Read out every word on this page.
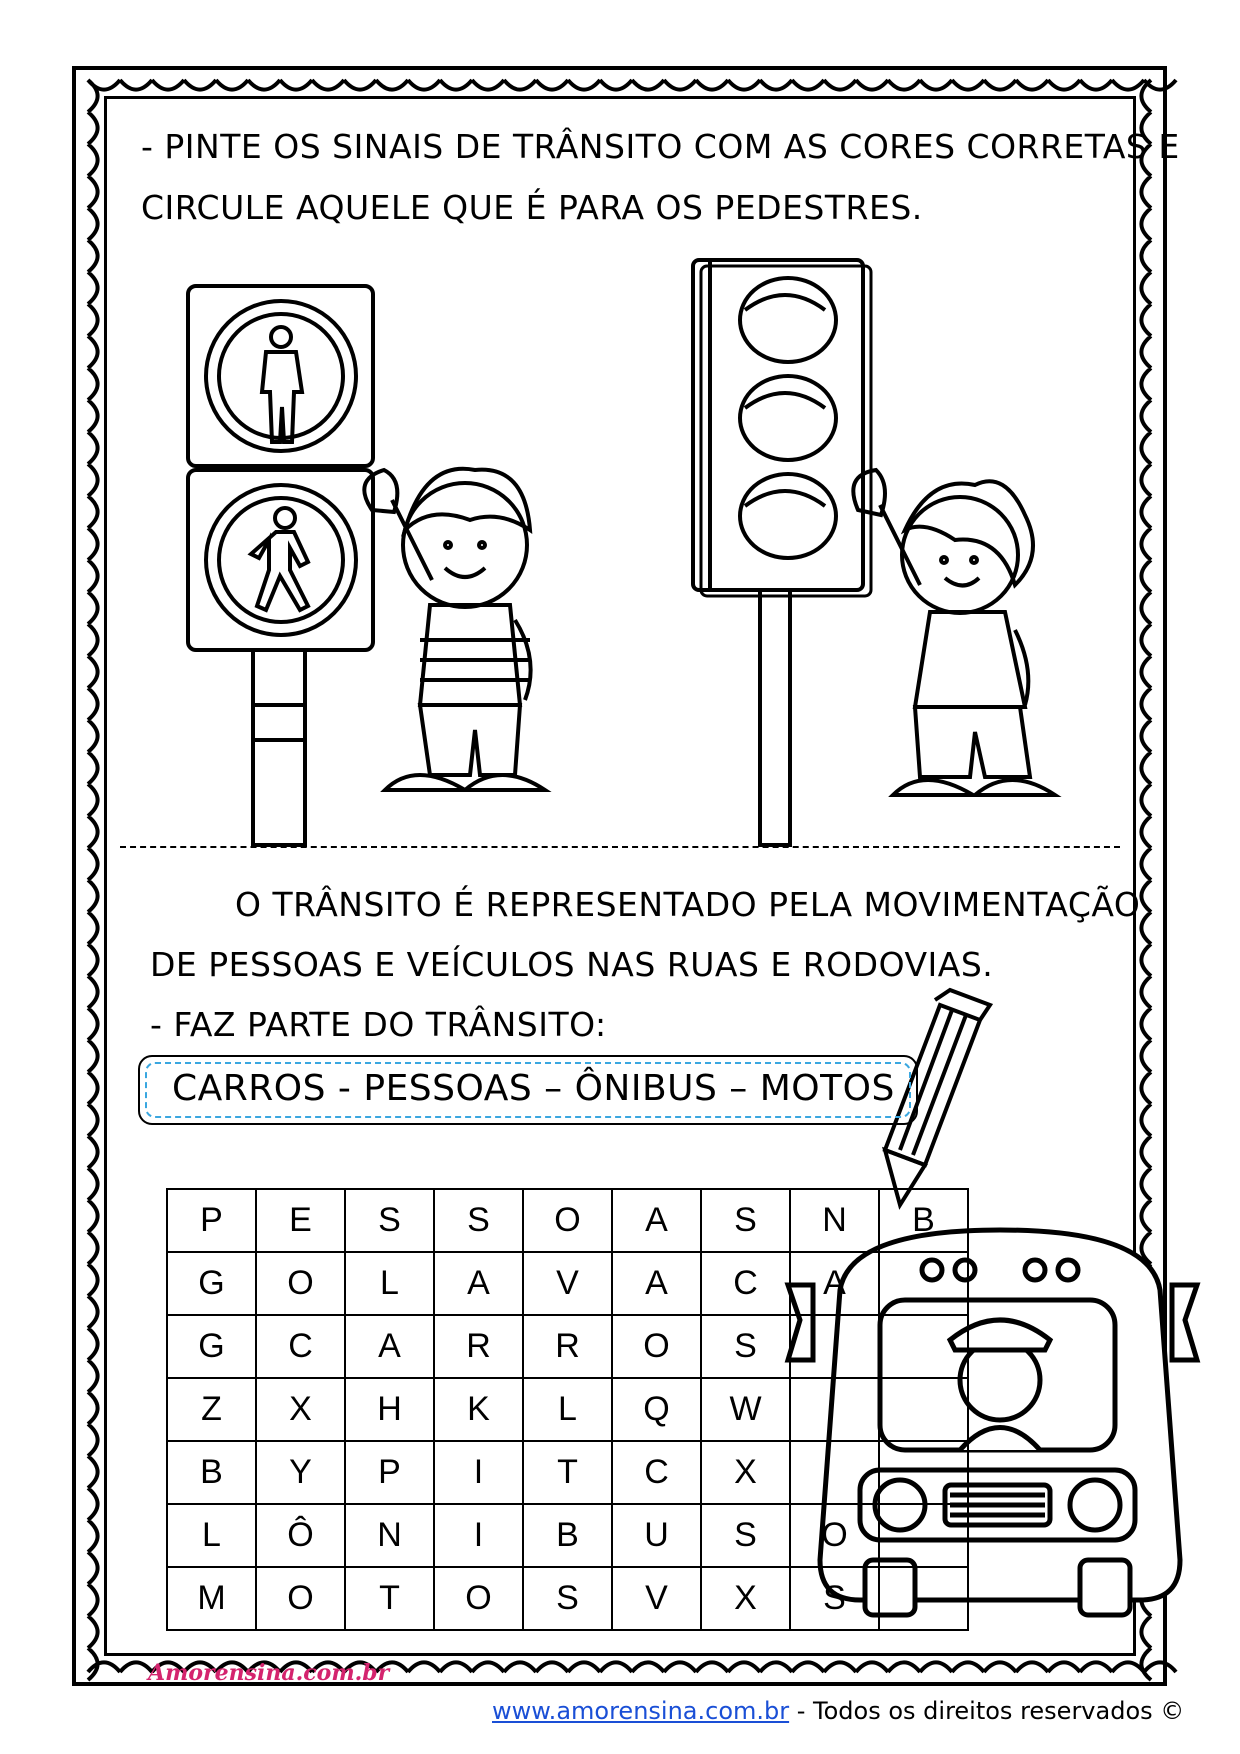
- PINTE OS SINAIS DE TRÂNSITO COM AS CORES CORRETAS E
CIRCULE AQUELE QUE É PARA OS PEDESTRES.
O TRÂNSITO É REPRESENTADO PELA MOVIMENTAÇÃO
DE PESSOAS E VEÍCULOS NAS RUAS E RODOVIAS.
- FAZ PARTE DO TRÂNSITO:
CARROS - PESSOAS – ÔNIBUS – MOTOS
P	E	S	S	O	A	S	N	B
G	O	L	A	V	A	C	A	
G	C	A	R	R	O	S		
Z	X	H	K	L	Q	W		
B	Y	P	I	T	C	X		
L	Ô	N	I	B	U	S	O	
M	O	T	O	S	V	X	S	
Amorensina.com.br
www.amorensina.com.br - Todos os direitos reservados ©
